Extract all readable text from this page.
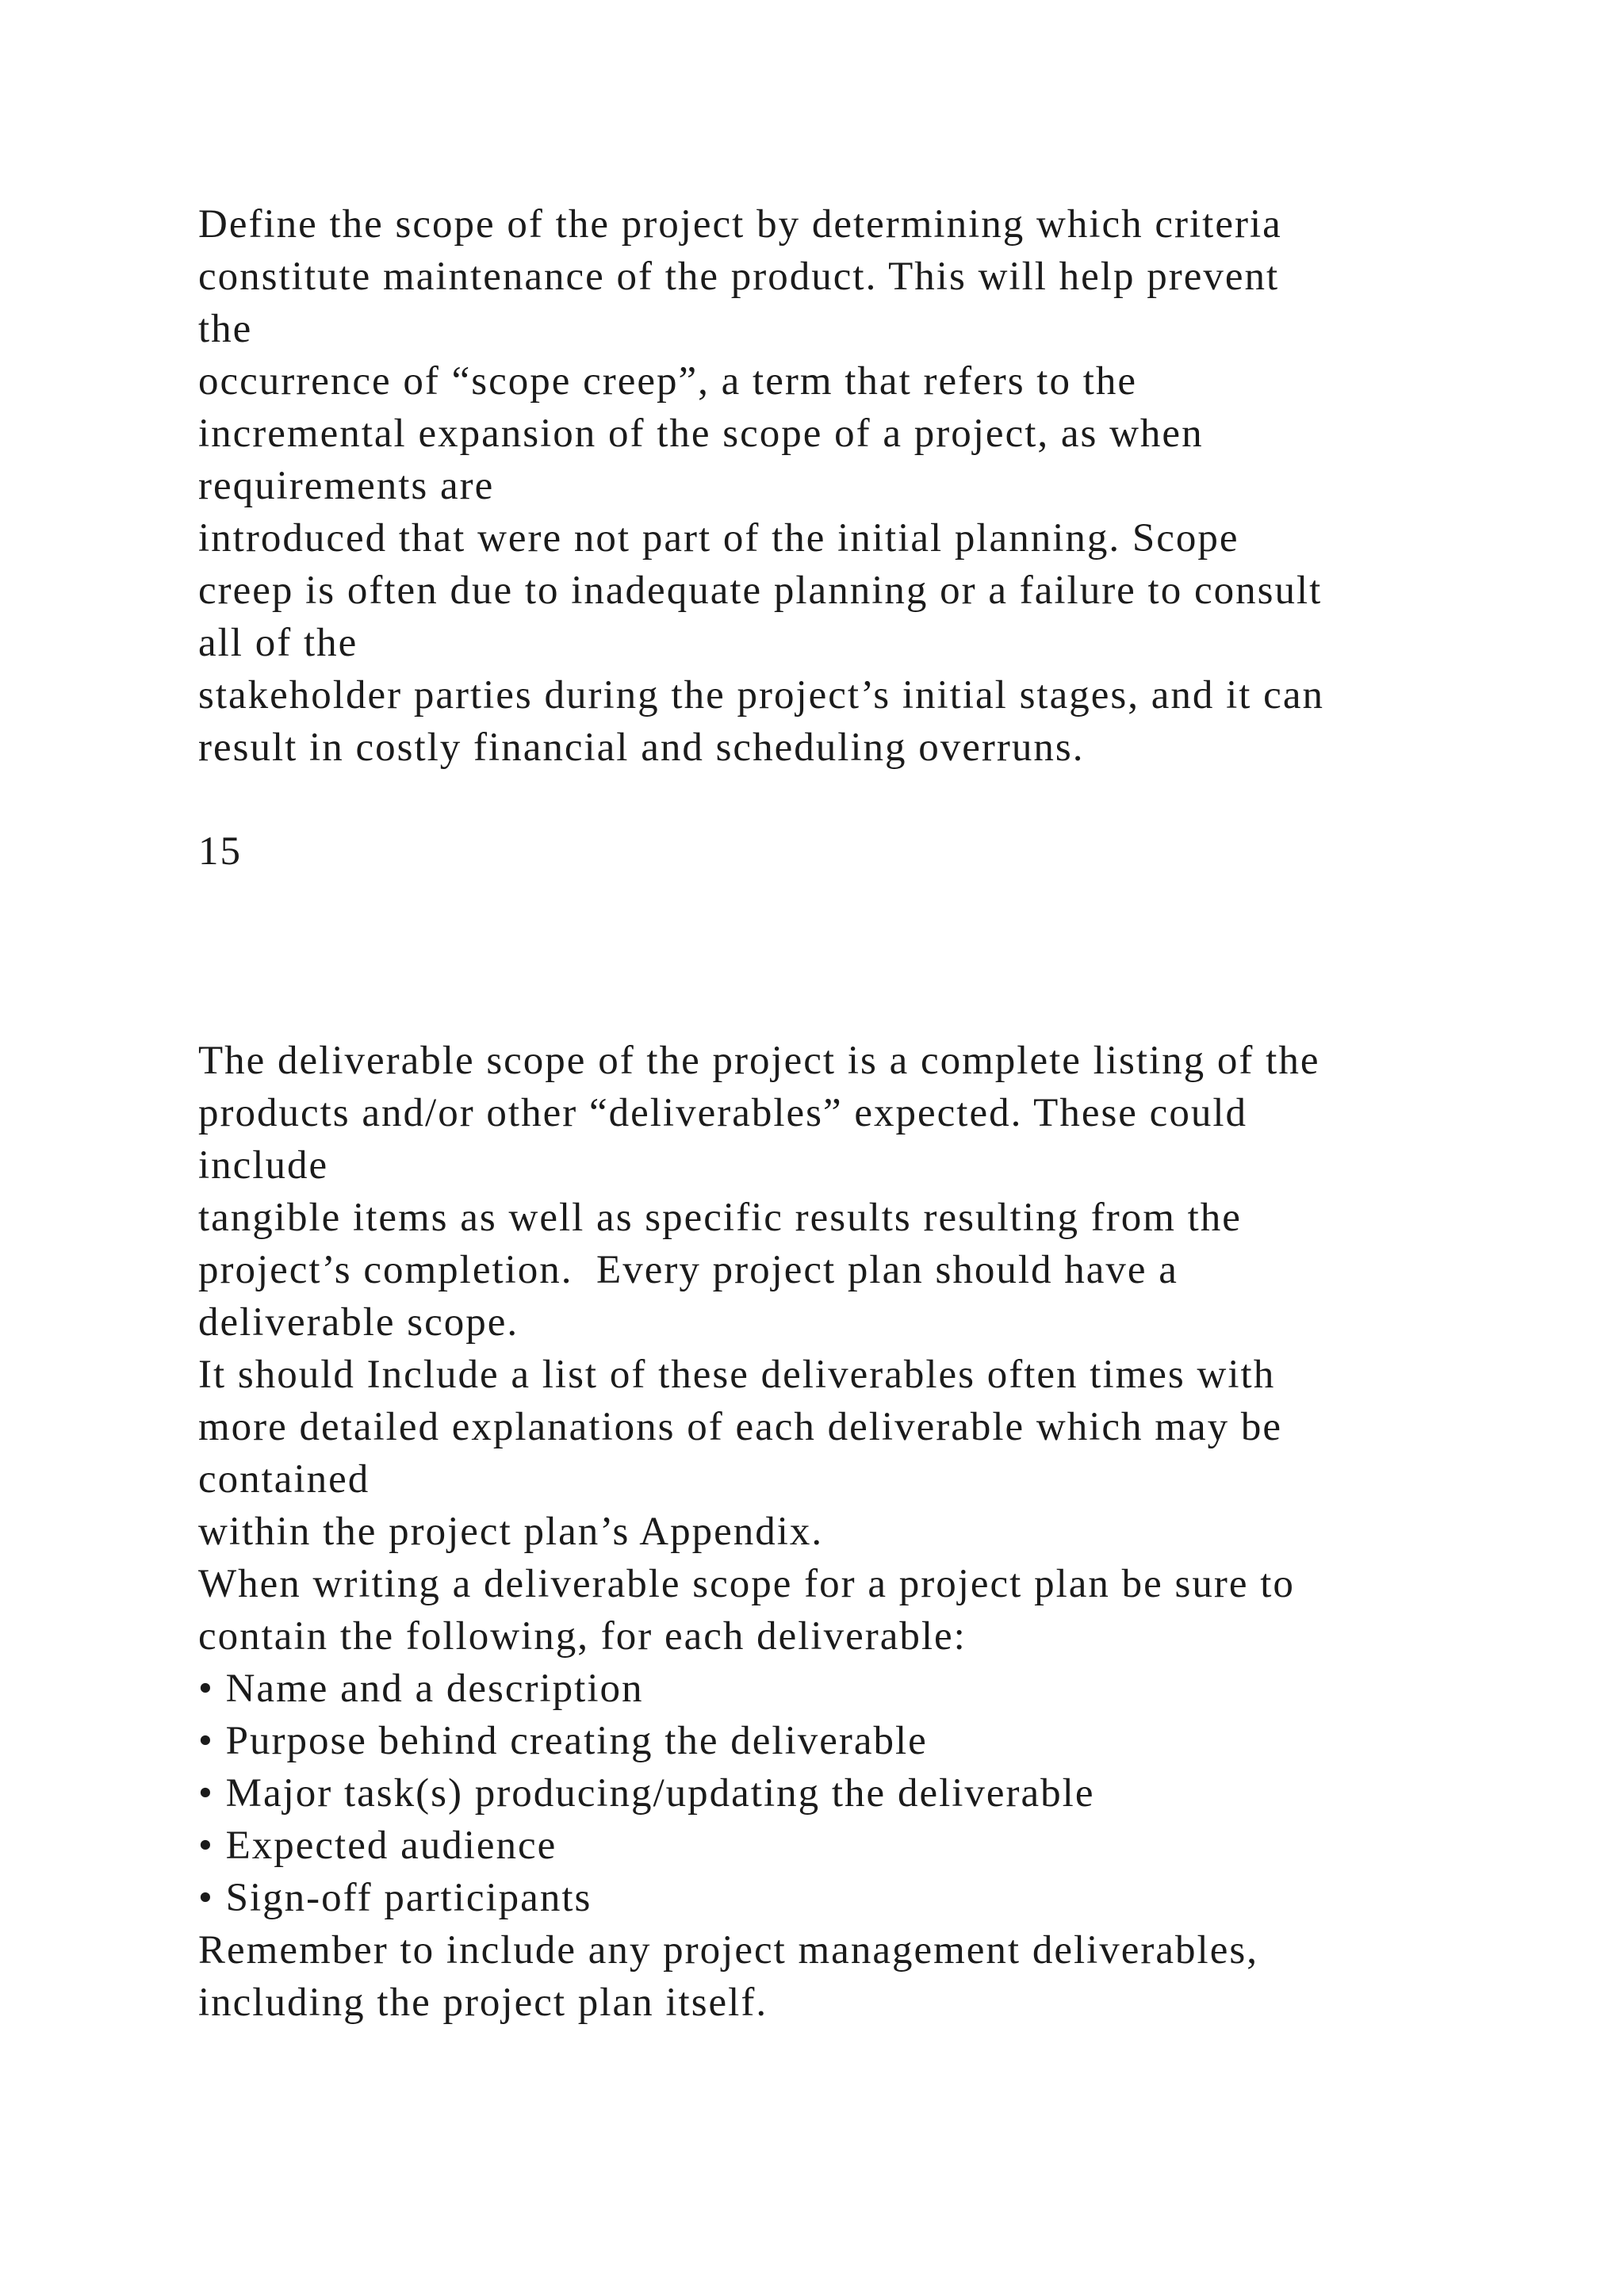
Define the scope of the project by determining which criteria
constitute maintenance of the product. This will help prevent
the
occurrence of “scope creep”, a term that refers to the
incremental expansion of the scope of a project, as when
requirements are
introduced that were not part of the initial planning. Scope
creep is often due to inadequate planning or a failure to consult
all of the
stakeholder parties during the project’s initial stages, and it can
result in costly financial and scheduling overruns.
15
The deliverable scope of the project is a complete listing of the
products and/or other “deliverables” expected. These could
include
tangible items as well as specific results resulting from the
project’s completion.  Every project plan should have a
deliverable scope.
It should Include a list of these deliverables often times with
more detailed explanations of each deliverable which may be
contained
within the project plan’s Appendix.
When writing a deliverable scope for a project plan be sure to
contain the following, for each deliverable:
• Name and a description
• Purpose behind creating the deliverable
• Major task(s) producing/updating the deliverable
• Expected audience
• Sign-off participants
Remember to include any project management deliverables,
including the project plan itself.
